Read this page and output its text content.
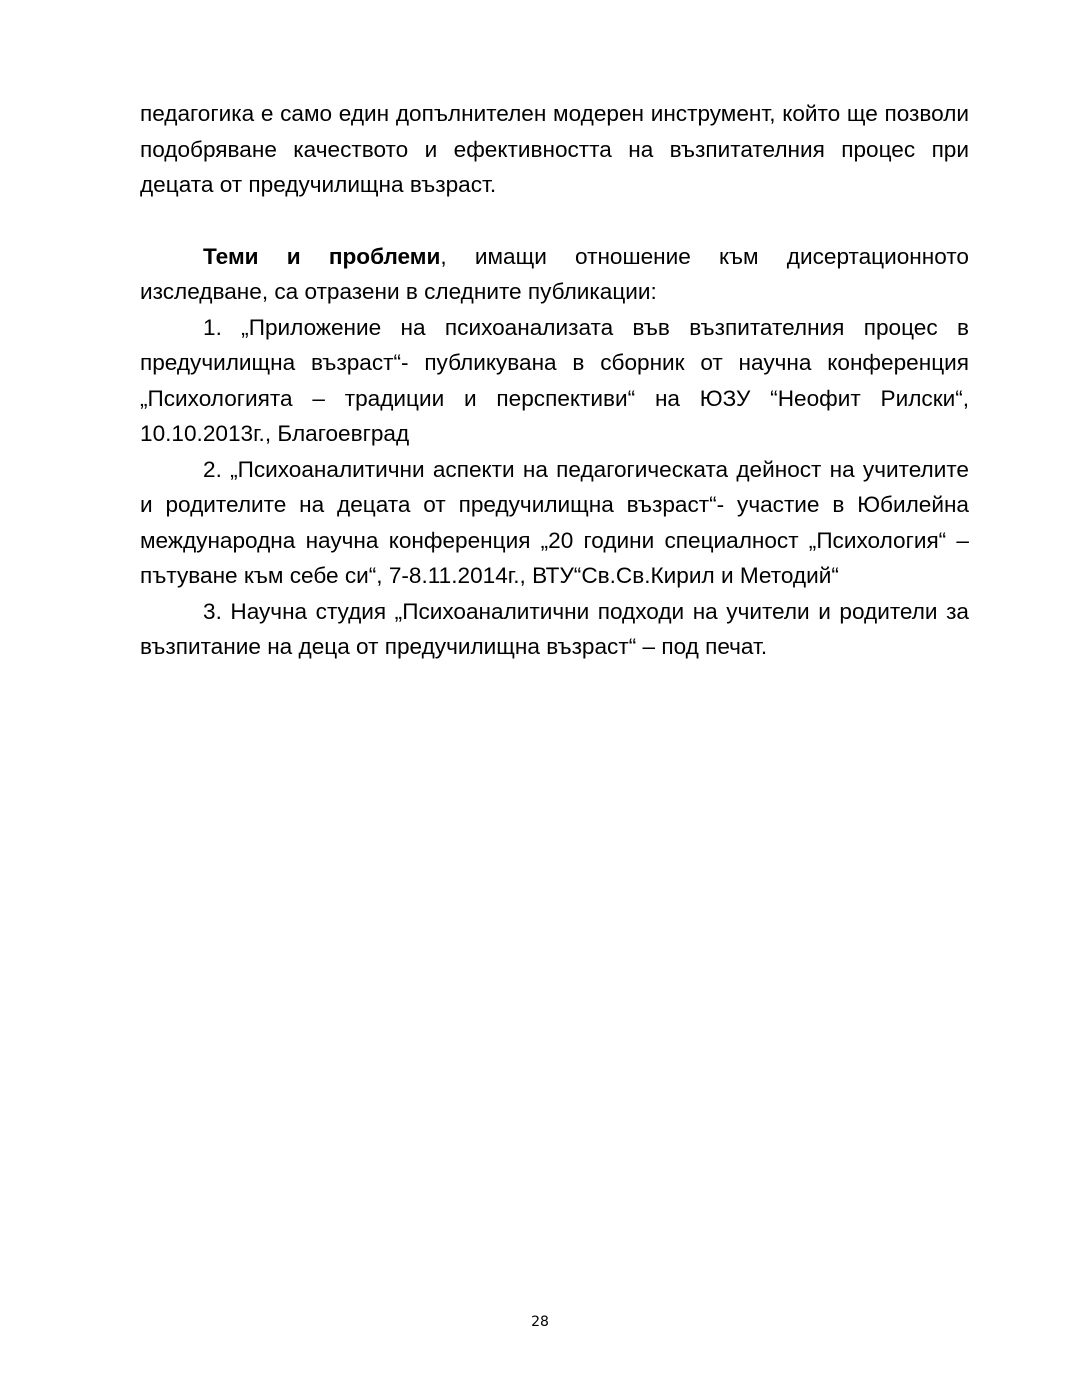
педагогика е само един допълнителен модерен инструмент, който ще позволи подобряване качеството и ефективността на възпитателния процес при децата от предучилищна възраст.

Теми и проблеми, имащи отношение към дисертационното изследване, са отразени в следните публикации:

1. „Приложение на психоанализата във възпитателния процес в предучилищна възраст“- публикувана в сборник от научна конференция „Психологията – традиции и перспективи“ на ЮЗУ “Неофит Рилски“, 10.10.2013г., Благоевград

2. „Психоаналитични аспекти на педагогическата дейност на учителите и родителите на децата от предучилищна възраст“- участие в Юбилейна международна научна конференция „20 години специалност „Психология“ – пътуване към себе си“, 7-8.11.2014г., ВТУ“Св.Св.Кирил и Методий“

3. Научна студия „Психоаналитични подходи на учители и родители за възпитание на деца от предучилищна възраст“ – под печат.

28
